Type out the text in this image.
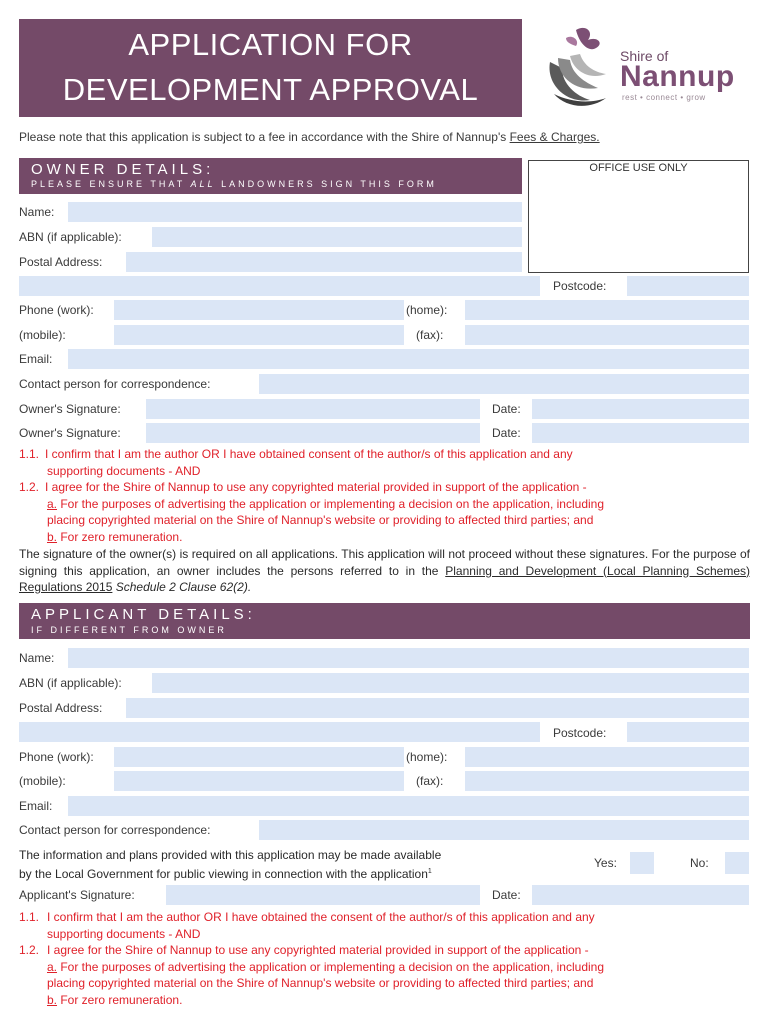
APPLICATION FOR
DEVELOPMENT APPROVAL
Shire of
Nannup
rest • connect • grow
Please note that this application is subject to a fee in accordance with the Shire of Nannup's Fees & Charges.
OWNER DETAILS:
PLEASE ENSURE THAT ALL LANDOWNERS SIGN THIS FORM
OFFICE USE ONLY
Name:
ABN (if applicable):
Postal Address:
Postcode:
Phone (work):	(home):
(mobile):	(fax):
Email:
Contact person for correspondence:
Owner's Signature:	Date:
Owner's Signature:	Date:
1.1. I confirm that I am the author OR I have obtained consent of the author/s of this application and any
supporting documents - AND
1.2. I agree for the Shire of Nannup to use any copyrighted material provided in support of the application -
a. For the purposes of advertising the application or implementing a decision on the application, including
placing copyrighted material on the Shire of Nannup's website or providing to affected third parties; and
b. For zero remuneration.
The signature of the owner(s) is required on all applications. This application will not proceed without these signatures. For the purpose of signing this application, an owner includes the persons referred to in the Planning and Development (Local Planning Schemes) Regulations 2015 Schedule 2 Clause 62(2).
APPLICANT DETAILS:
IF DIFFERENT FROM OWNER
Name:
ABN (if applicable):
Postal Address:
Postcode:
Phone (work):	(home):
(mobile):	(fax):
Email:
Contact person for correspondence:
The information and plans provided with this application may be made available
by the Local Government for public viewing in connection with the application$^1$
Yes:	No:
Applicant's Signature:	Date:
1.1. I confirm that I am the author OR I have obtained the consent of the author/s of this application and any
supporting documents - AND
1.2. I agree for the Shire of Nannup to use any copyrighted material provided in support of the application -
a. For the purposes of advertising the application or implementing a decision on the application, including
placing copyrighted material on the Shire of Nannup's website or providing to affected third parties; and
b. For zero remuneration.
